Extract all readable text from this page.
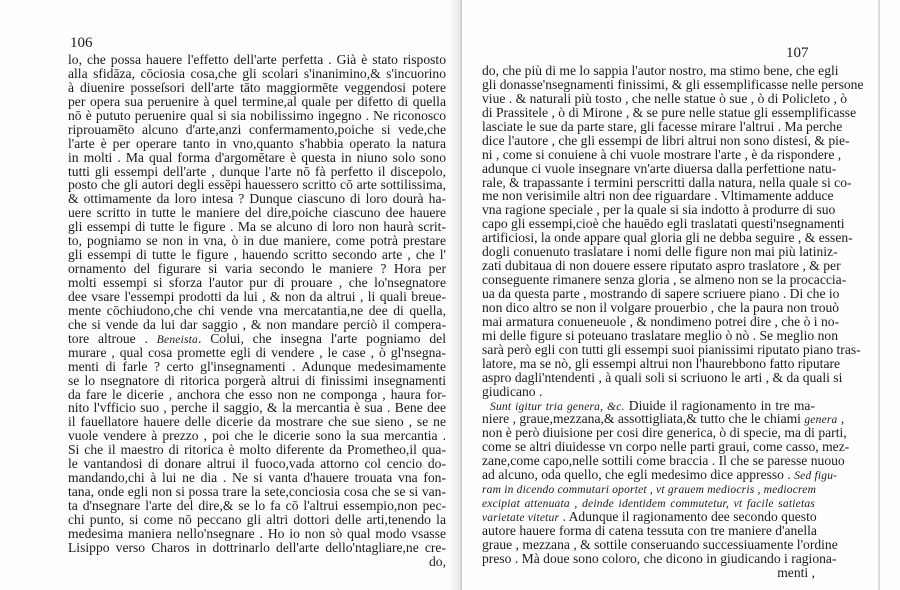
106
lo, che possa hauere l'effetto dell'arte perfetta . Già è stato risposto
alla sfidāza, cōciosia cosa,che gli scolari s'inanimino,& s'incuorino
à diuenire posseſsori dell'arte tāto maggiormēte veggendosi potere
per opera sua peruenire à quel termine,al quale per difetto di quella
nō è pututo peruenire qual si sia nobilissimo ingegno . Ne riconosco
riprouamēto alcuno d'arte,anzi confermamento,poiche si vede,che
l'arte è per operare tanto in vno,quanto s'habbia operato la natura
in molti . Ma qual forma d'argomētare è questa in niuno solo sono
tutti gli essempi dell'arte , dunque l'arte nō fà perfetto il discepolo,
posto che gli autori degli essēpi hauessero scritto cō arte sottilissima,
& ottimamente da loro intesa ? Dunque ciascuno di loro dourà ha-
uere scritto in tutte le maniere del dire,poiche ciascuno dee hauere
gli essempi di tutte le figure . Ma se alcuno di loro non haurà scrit-
to, pogniamo se non in vna, ò in due maniere, come potrà prestare
gli essempi di tutte le figure , hauendo scritto secondo arte , che l'
ornamento del figurare si varia secondo le maniere ? Hora per
molti essempi si sforza l'autor pur di prouare , che lo'nsegnatore
dee vsare l'essempi prodotti da lui , & non da altrui , li quali breue-
mente cōchiudono,che chi vende vna mercatantia,ne dee di quella,
che si vende da lui dar saggio , & non mandare perciò il compera-
tore altroue . Beneista. Colui, che insegna l'arte pogniamo del
murare , qual cosa promette egli di vendere , le case , ò gl'nsegna-
menti di farle ? certo gl'insegnamenti . Adunque medesimamente
se lo nsegnatore di ritorica porgerà altrui di finissimi insegnamenti
da fare le dicerie , anchora che esso non ne componga , haura for-
nito l'vfficio suo , perche il saggio, & la mercantia è sua . Bene dee
il fauellatore hauere delle dicerie da mostrare che sue sieno , se ne
vuole vendere à prezzo , poi che le dicerie sono la sua mercantia .
Si che il maestro di ritorica è molto diferente da Prometheo,il qua-
le vantandosi di donare altrui il fuoco,vada attorno col cencio do-
mandando,chi à lui ne dia . Ne si vanta d'hauere trouata vna fon-
tana, onde egli non si possa trare la sete,conciosia cosa che se si van-
ta d'nsegnare l'arte del dire,& se lo fa cō l'altrui essempio,non pec-
chi punto, si come nō peccano gli altri dottori delle arti,tenendo la
medesima maniera nello'nsegnare . Ho io non sò qual modo vsasse
Lisippo verso Charos in dottrinarlo dell'arte dello'ntagliare,ne cre-
do,
107
do, che più di me lo sappia l'autor nostro, ma stimo bene, che egli
gli donasse'nsegnamenti finissimi, & gli essemplificasse nelle persone
viue . & naturali più tosto , che nelle statue ò sue , ò di Policleto , ò
di Prassitele , ò di Mirone , & se pure nelle statue gli essemplificasse
lasciate le sue da parte stare, gli facesse mirare l'altrui . Ma perche
dice l'autore , che gli essempi de libri altrui non sono distesi, & pie-
ni , come si conuiene à chi vuole mostrare l'arte , è da rispondere ,
adunque ci vuole insegnare vn'arte diuersa dalla perfettione natu-
rale, & trapassante i termini perscritti dalla natura, nella quale si co-
me non verisimile altri non dee riguardare . Vltimamente adduce
vna ragione speciale , per la quale si sia indotto à produrre di suo
capo gli essempi,cioè che hauēdo egli traslatati questi'nsegnamenti
artificiosi, la onde appare qual gloria gli ne debba seguire , & essen-
dogli conuenuto traslatare i nomi delle figure non mai più latiniz-
zati dubitaua di non douere essere riputato aspro traslatore , & per
conseguente rimanere senza gloria , se almeno non se la procaccia-
ua da questa parte , mostrando di sapere scriuere piano . Di che io
non dico altro se non il volgare prouerbio , che la paura non trouò
mai armatura conueneuole , & nondimeno potrei dire , che ò i no-
mi delle figure si poteuano traslatare meglio ò nò . Se meglio non
sarà però egli con tutti gli essempi suoi pianissimi riputato piano tras-
latore, ma se nò, gli essempi altrui non l'haurebbono fatto riputare
aspro dagli'ntendenti , à quali soli si scriuono le arti , & da quali si
giudicano .
Sunt igitur tria genera, &c. Diuide il ragionamento in tre ma-
niere , graue,mezzana,& assottigliata,& tutto che le chiami genera ,
non è però diuisione per cosi dire generica, ò di specie, ma di parti,
come se altri diuidesse vn corpo nelle parti graui, come casso, mez-
zane,come capo,nelle sottili come braccia . Il che se paresse nuouo
ad alcuno, oda quello, che egli medesimo dice appresso . Sed figu-
ram in dicendo commutari oportet , vt grauem mediocris , mediocrem
excipiat attenuata , deinde identidem commutetur, vt facile satietas
varietate vitetur . Adunque il ragionamento dee secondo questo
autore hauere forma di catena tessuta con tre maniere d'anella
graue , mezzana , & sottile conseruando successiuamente l'ordine
preso . Mà doue sono coloro, che dicono in giudicando i ragiona-
menti ,
